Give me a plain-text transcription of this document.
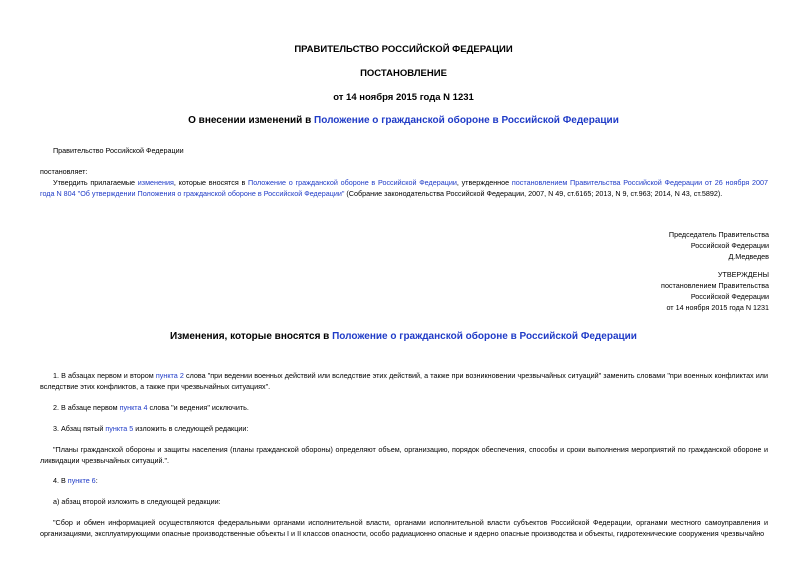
ПРАВИТЕЛЬСТВО РОССИЙСКОЙ ФЕДЕРАЦИИ
ПОСТАНОВЛЕНИЕ
от 14 ноября 2015 года N 1231
О внесении изменений в Положение о гражданской обороне в Российской Федерации
Правительство Российской Федерации
постановляет:
Утвердить прилагаемые изменения, которые вносятся в Положение о гражданской обороне в Российской Федерации, утвержденное постановлением Правительства Российской Федерации от 26 ноября 2007 года N 804 "Об утверждении Положения о гражданской обороне в Российской Федерации" (Собрание законодательства Российской Федерации, 2007, N 49, ст.6165; 2013, N 9, ст.963; 2014, N 43, ст.5892).
Председатель Правительства
Российской Федерации
Д.Медведев
УТВЕРЖДЕНЫ
постановлением Правительства
Российской Федерации
от 14 ноября 2015 года N 1231
Изменения, которые вносятся в Положение о гражданской обороне в Российской Федерации
1. В абзацах первом и втором пункта 2 слова "при ведении военных действий или вследствие этих действий, а также при возникновении чрезвычайных ситуаций" заменить словами "при военных конфликтах или вследствие этих конфликтов, а также при чрезвычайных ситуациях".
2. В абзаце первом пункта 4 слова "и ведения" исключить.
3. Абзац пятый пункта 5 изложить в следующей редакции:
"Планы гражданской обороны и защиты населения (планы гражданской обороны) определяют объем, организацию, порядок обеспечения, способы и сроки выполнения мероприятий по гражданской обороне и ликвидации чрезвычайных ситуаций.".
4. В пункте 6:
а) абзац второй изложить в следующей редакции:
"Сбор и обмен информацией осуществляются федеральными органами исполнительной власти, органами исполнительной власти субъектов Российской Федерации, органами местного самоуправления и организациями, эксплуатирующими опасные производственные объекты I и II классов опасности, особо радиационно опасные и ядерно опасные производства и объекты, гидротехнические сооружения чрезвычайно
